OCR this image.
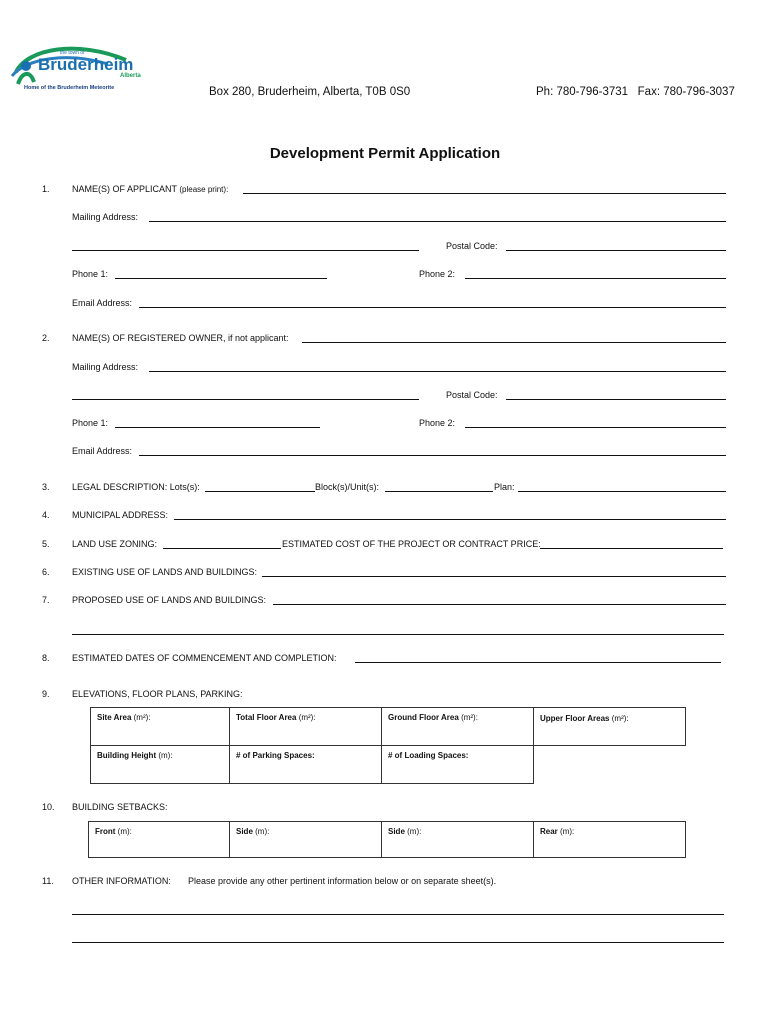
the town of
Bruderheim
Alberta
Home of the Bruderheim Meteorite	Box 280, Bruderheim, Alberta, T0B 0S0	Ph: 780-796-3731   Fax: 780-796-3037
Development Permit Application
1. NAME(S) OF APPLICANT (please print):
Mailing Address:
Postal Code:
Phone 1:	Phone 2:
Email Address:
2. NAME(S) OF REGISTERED OWNER, if not applicant:
Mailing Address:
Postal Code:
Phone 1:	Phone 2:
Email Address:
3. LEGAL DESCRIPTION: Lots(s):	Block(s)/Unit(s):	Plan:
4. MUNICIPAL ADDRESS:
5. LAND USE ZONING:	ESTIMATED COST OF THE PROJECT OR CONTRACT PRICE:
6. EXISTING USE OF LANDS AND BUILDINGS:
7. PROPOSED USE OF LANDS AND BUILDINGS:
8. ESTIMATED DATES OF COMMENCEMENT AND COMPLETION:
9. ELEVATIONS, FLOOR PLANS, PARKING:
Site Area (m²):	Total Floor Area (m²):	Ground Floor Area (m²):	Upper Floor Areas (m²):
Building Height (m):	# of Parking Spaces:	# of Loading Spaces:	
10. BUILDING SETBACKS:
Front (m):	Side (m):	Side (m):	Rear (m):
11. OTHER INFORMATION: Please provide any other pertinent information below or on separate sheet(s).
